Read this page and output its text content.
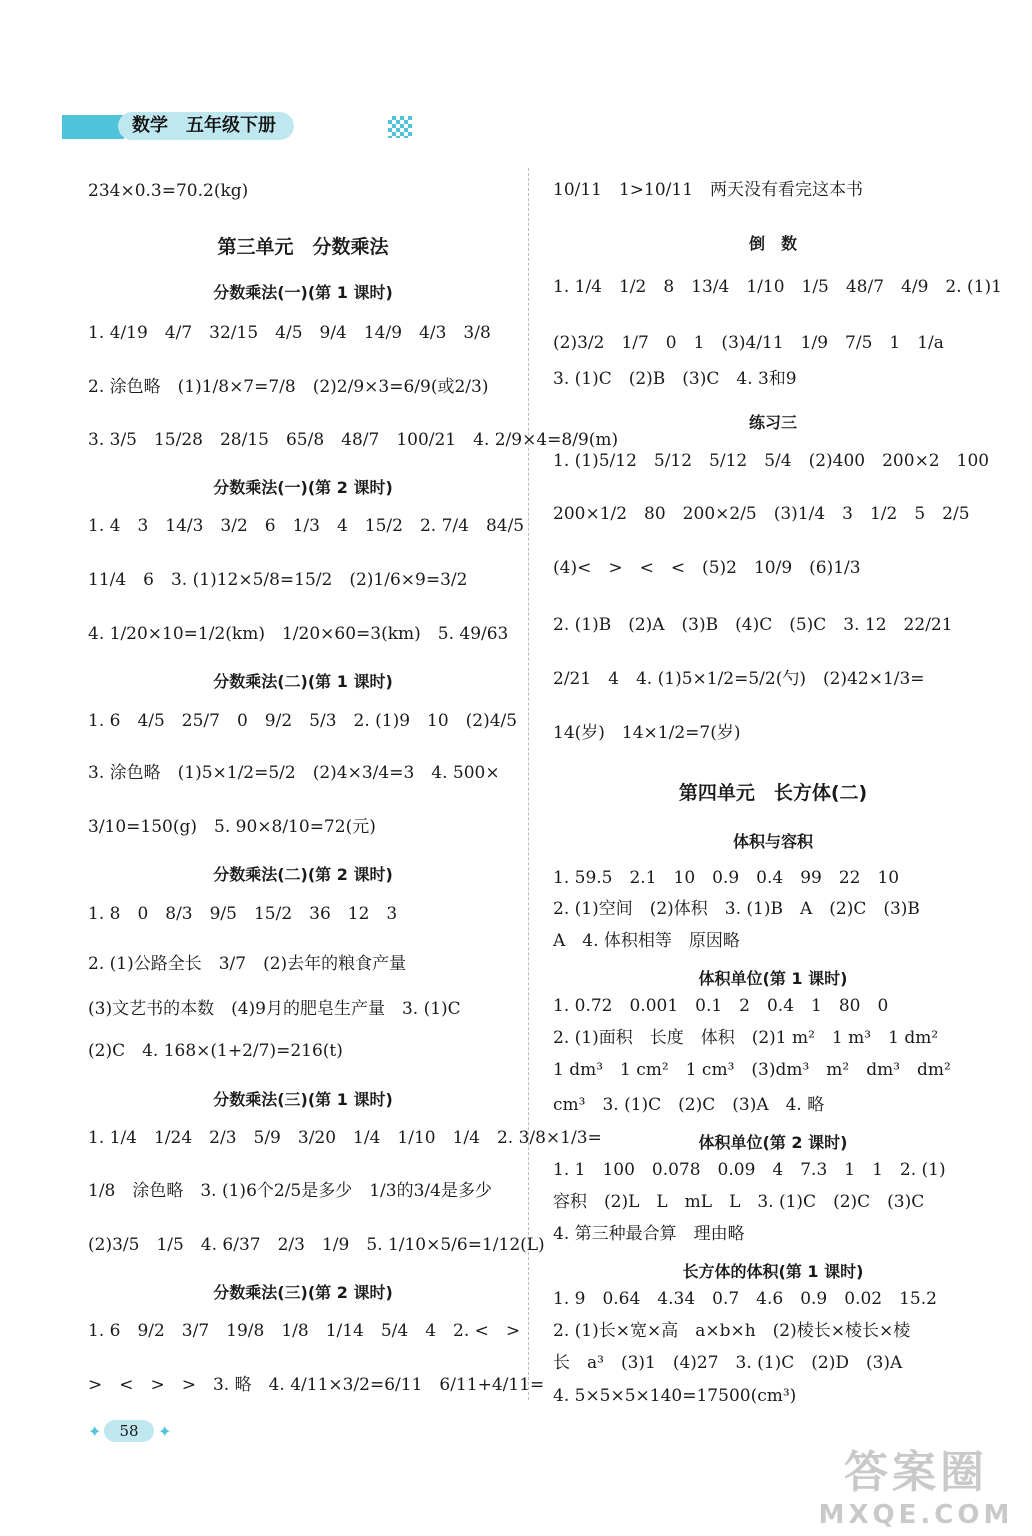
数学 五年级下册
234×0.3=70.2(kg)
第三单元　分数乘法
分数乘法(一)(第 1 课时)
1. 4/19　4/7　32/15　4/5　9/4　14/9　4/3　3/8
2. 涂色略　(1)1/8×7=7/8　(2)2/9×3=6/9(或2/3)
3. 3/5　15/28　28/15　65/8　48/7　100/21　4. 2/9×4=8/9(m)
分数乘法(一)(第 2 课时)
1. 4　3　14/3　3/2　6　1/3　4　15/2　2. 7/4　84/5
11/4　6　3. (1)12×5/8=15/2　(2)1/6×9=3/2
4. 1/20×10=1/2(km)　1/20×60=3(km)　5. 49/63
分数乘法(二)(第 1 课时)
1. 6　4/5　25/7　0　9/2　5/3　2. (1)9　10　(2)4/5
3. 涂色略　(1)5×1/2=5/2　(2)4×3/4=3　4. 500×
3/10=150(g)　5. 90×8/10=72(元)
分数乘法(二)(第 2 课时)
1. 8　0　8/3　9/5　15/2　36　12　3
2. (1)公路全长　3/7　(2)去年的粮食产量
(3)文艺书的本数　(4)9月的肥皂生产量　3. (1)C
(2)C　4. 168×(1+2/7)=216(t)
分数乘法(三)(第 1 课时)
1. 1/4　1/24　2/3　5/9　3/20　1/4　1/10　1/4　2. 3/8×1/3=
1/8　涂色略　3. (1)6个2/5是多少　1/3的3/4是多少
(2)3/5　1/5　4. 6/37　2/3　1/9　5. 1/10×5/6=1/12(L)
分数乘法(三)(第 2 课时)
1. 6　9/2　3/7　19/8　1/8　1/14　5/4　4　2. <　>
>　<　>　>　3. 略　4. 4/11×3/2=6/11　6/11+4/11=
10/11　1>10/11　两天没有看完这本书
倒　数
1. 1/4　1/2　8　13/4　1/10　1/5　48/7　4/9　2. (1)1
(2)3/2　1/7　0　1　(3)4/11　1/9　7/5　1　1/a
3. (1)C　(2)B　(3)C　4. 3和9
练习三
1. (1)5/12　5/12　5/12　5/4　(2)400　200×2　100
200×1/2　80　200×2/5　(3)1/4　3　1/2　5　2/5
(4)<　>　<　<　(5)2　10/9　(6)1/3
2. (1)B　(2)A　(3)B　(4)C　(5)C　3. 12　22/21
2/21　4　4. (1)5×1/2=5/2(勺)　(2)42×1/3=
14(岁)　14×1/2=7(岁)
第四单元　长方体(二)
体积与容积
1. 59.5　2.1　10　0.9　0.4　99　22　10
2. (1)空间　(2)体积　3. (1)B　A　(2)C　(3)B
A　4. 体积相等　原因略
体积单位(第 1 课时)
1. 0.72　0.001　0.1　2　0.4　1　80　0
2. (1)面积　长度　体积　(2)1 m²　1 m³　1 dm²
1 dm³　1 cm²　1 cm³　(3)dm³　m²　dm³　dm²
cm³　3. (1)C　(2)C　(3)A　4. 略
体积单位(第 2 课时)
1. 1　100　0.078　0.09　4　7.3　1　1　2. (1)
容积　(2)L　L　mL　L　3. (1)C　(2)C　(3)C
4. 第三种最合算　理由略
长方体的体积(第 1 课时)
1. 9　0.64　4.34　0.7　4.6　0.9　0.02　15.2
2. (1)长×宽×高　a×b×h　(2)棱长×棱长×棱
长　a³　(3)1　(4)27　3. (1)C　(2)D　(3)A
4. 5×5×5×140=17500(cm³)
✦	58	✦
答案圈
MXQE.COM
